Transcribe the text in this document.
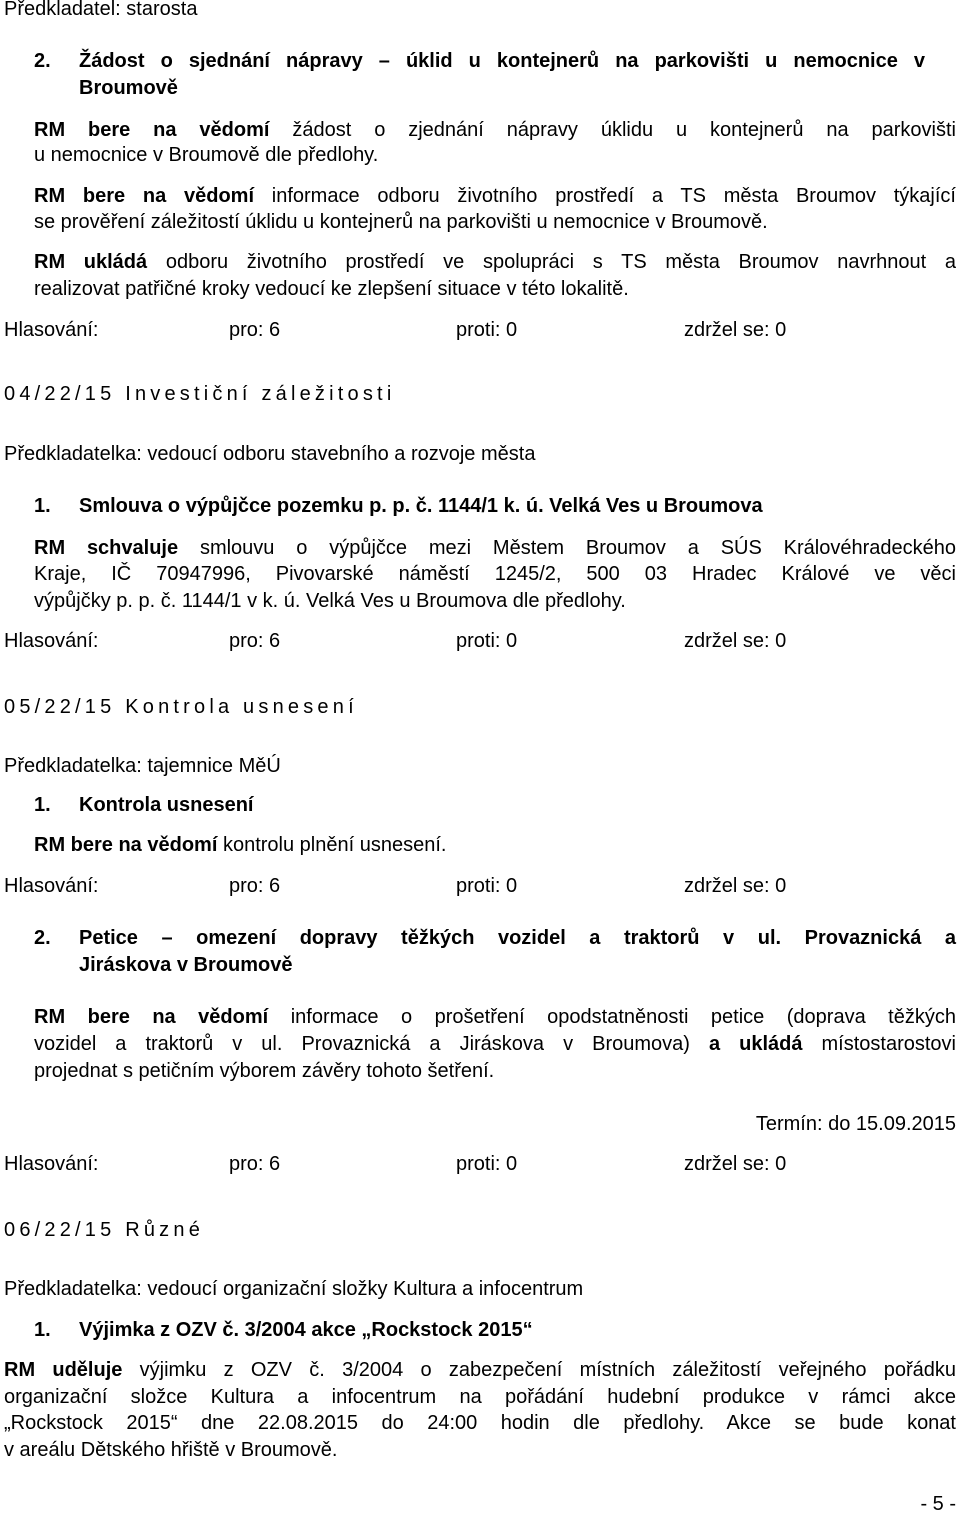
Předkladatel: starosta
2. Žádost o sjednání nápravy – úklid u kontejnerů na parkovišti u nemocnice v
Broumově
RM bere na vědomí žádost o zjednání nápravy úklidu u kontejnerů na parkovišti
u nemocnice v Broumově dle předlohy.
RM bere na vědomí informace odboru životního prostředí a TS města Broumov týkající
se prověření záležitostí úklidu u kontejnerů na parkovišti u nemocnice v Broumově.
RM ukládá odboru životního prostředí ve spolupráci s TS města Broumov navrhnout a
realizovat patřičné kroky vedoucí ke zlepšení situace v této lokalitě.
Hlasování:	pro: 6	proti: 0	zdržel se: 0
04/22/15 Investiční záležitosti
Předkladatelka: vedoucí odboru stavebního a rozvoje města
1. Smlouva o výpůjčce pozemku p. p. č. 1144/1 k. ú. Velká Ves u Broumova
RM schvaluje smlouvu o výpůjčce mezi Městem Broumov a SÚS Královéhradeckého
Kraje, IČ 70947996, Pivovarské náměstí 1245/2, 500 03 Hradec Králové ve věci
výpůjčky p. p. č. 1144/1 v k. ú. Velká Ves u Broumova dle předlohy.
Hlasování:	pro: 6	proti: 0	zdržel se: 0
05/22/15 Kontrola usnesení
Předkladatelka: tajemnice MěÚ
1. Kontrola usnesení
RM bere na vědomí kontrolu plnění usnesení.
Hlasování:	pro: 6	proti: 0	zdržel se: 0
2. Petice – omezení dopravy těžkých vozidel a traktorů v ul. Provaznická a
Jiráskova v Broumově
RM bere na vědomí informace o prošetření opodstatněnosti petice (doprava těžkých
vozidel a traktorů v ul. Provaznická a Jiráskova v Broumova) a ukládá místostarostovi
projednat s petičním výborem závěry tohoto šetření.
Termín: do 15.09.2015
Hlasování:	pro: 6	proti: 0	zdržel se: 0
06/22/15 Různé
Předkladatelka: vedoucí organizační složky Kultura a infocentrum
1. Výjimka z OZV č. 3/2004 akce „Rockstock 2015“
RM uděluje výjimku z OZV č. 3/2004 o zabezpečení místních záležitostí veřejného pořádku
organizační složce Kultura a infocentrum na pořádání hudební produkce v rámci akce
„Rockstock 2015“ dne 22.08.2015 do 24:00 hodin dle předlohy. Akce se bude konat
v areálu Dětského hřiště v Broumově.
- 5 -
